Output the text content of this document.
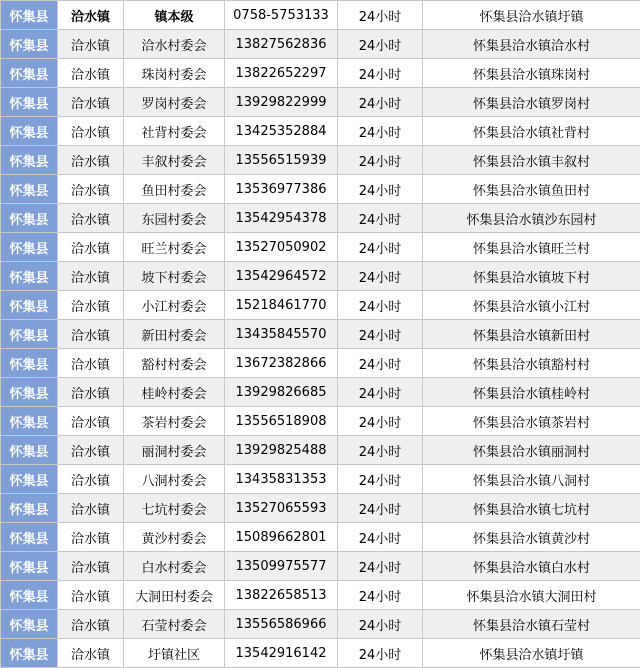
怀集县	洽水镇	镇本级	0758-5753133	24小时	怀集县洽水镇圩镇
怀集县	洽水镇	洽水村委会	13827562836	24小时	怀集县洽水镇洽水村
怀集县	洽水镇	珠岗村委会	13822652297	24小时	怀集县洽水镇珠岗村
怀集县	洽水镇	罗岗村委会	13929822999	24小时	怀集县洽水镇罗岗村
怀集县	洽水镇	社背村委会	13425352884	24小时	怀集县洽水镇社背村
怀集县	洽水镇	丰叙村委会	13556515939	24小时	怀集县洽水镇丰叙村
怀集县	洽水镇	鱼田村委会	13536977386	24小时	怀集县洽水镇鱼田村
怀集县	洽水镇	东园村委会	13542954378	24小时	怀集县洽水镇沙东园村
怀集县	洽水镇	旺兰村委会	13527050902	24小时	怀集县洽水镇旺兰村
怀集县	洽水镇	坡下村委会	13542964572	24小时	怀集县洽水镇坡下村
怀集县	洽水镇	小江村委会	15218461770	24小时	怀集县洽水镇小江村
怀集县	洽水镇	新田村委会	13435845570	24小时	怀集县洽水镇新田村
怀集县	洽水镇	豁村村委会	13672382866	24小时	怀集县洽水镇豁村村
怀集县	洽水镇	桂岭村委会	13929826685	24小时	怀集县洽水镇桂岭村
怀集县	洽水镇	茶岩村委会	13556518908	24小时	怀集县洽水镇茶岩村
怀集县	洽水镇	丽洞村委会	13929825488	24小时	怀集县洽水镇丽洞村
怀集县	洽水镇	八洞村委会	13435831353	24小时	怀集县洽水镇八洞村
怀集县	洽水镇	七坑村委会	13527065593	24小时	怀集县洽水镇七坑村
怀集县	洽水镇	黄沙村委会	15089662801	24小时	怀集县洽水镇黄沙村
怀集县	洽水镇	白水村委会	13509975577	24小时	怀集县洽水镇白水村
怀集县	洽水镇	大洞田村委会	13822658513	24小时	怀集县洽水镇大洞田村
怀集县	洽水镇	石莹村委会	13556586966	24小时	怀集县洽水镇石莹村
怀集县	洽水镇	圩镇社区	13542916142	24小时	怀集县洽水镇圩镇
